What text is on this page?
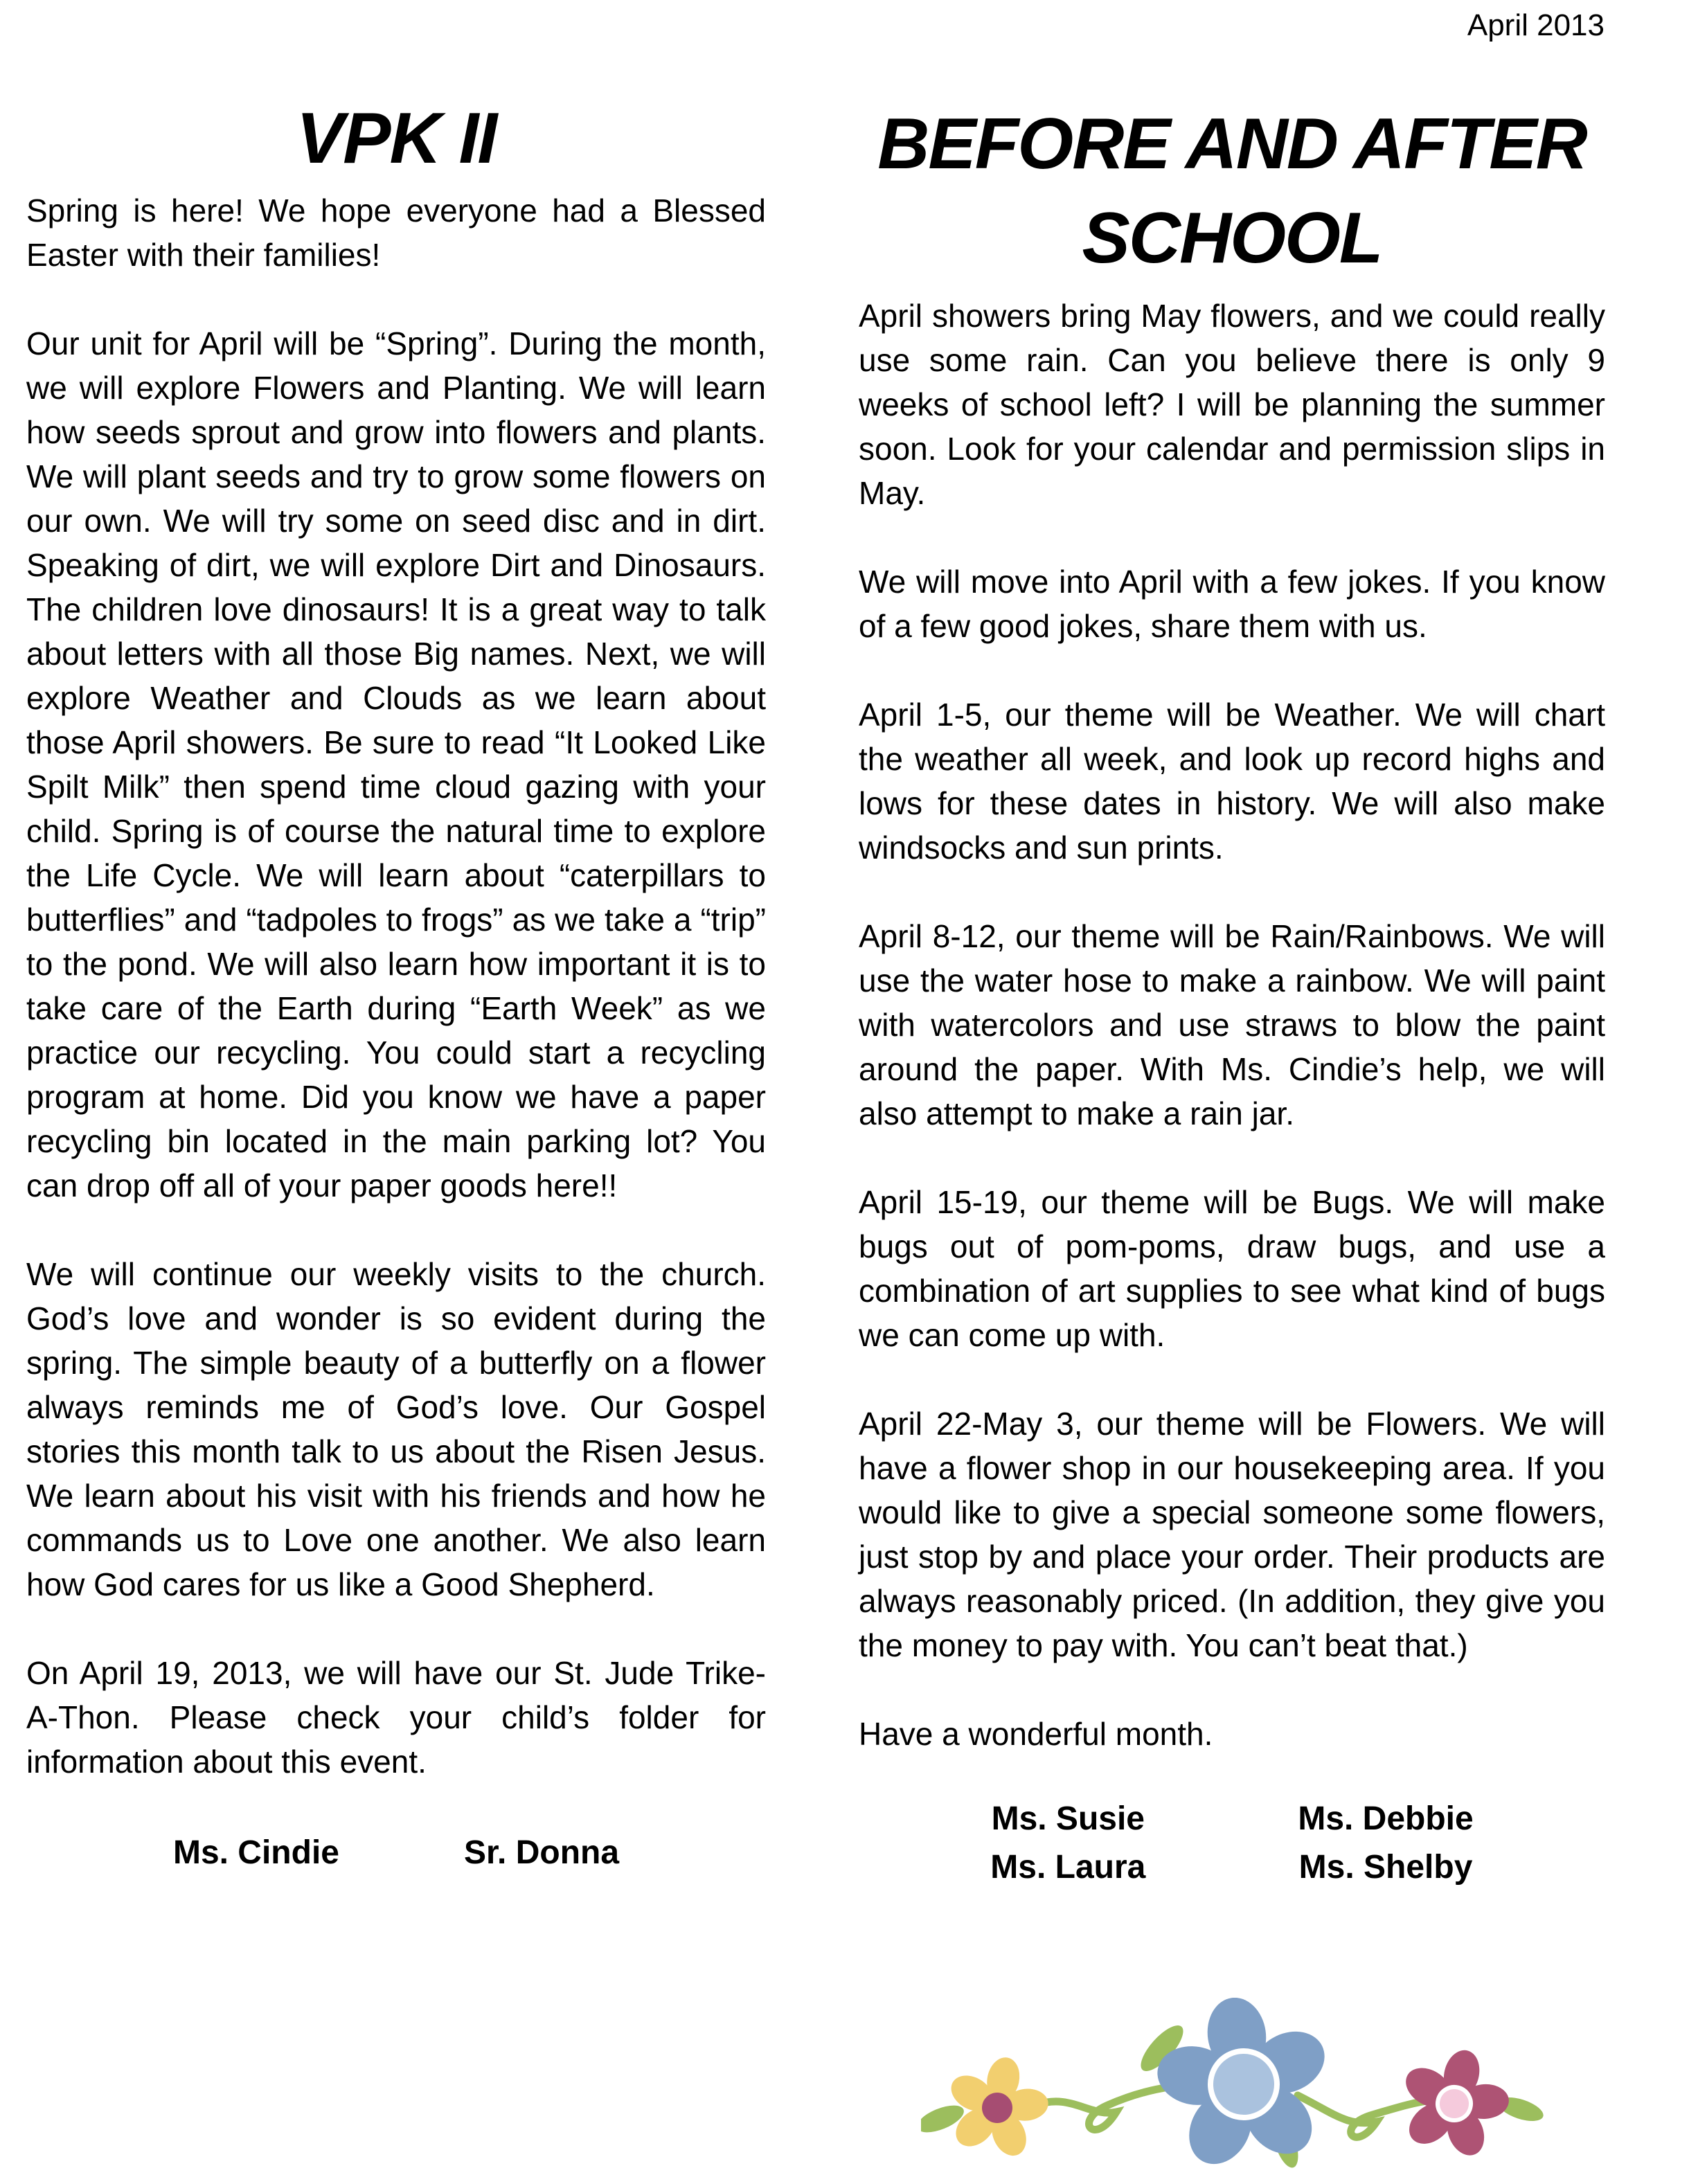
April 2013
VPK II

Spring is here! We hope everyone had a Blessed Easter with their families!

Our unit for April will be “Spring”. During the month, we will explore Flowers and Planting. We will learn how seeds sprout and grow into flowers and plants. We will plant seeds and try to grow some flowers on our own. We will try some on seed disc and in dirt. Speaking of dirt, we will explore Dirt and Dinosaurs. The children love dinosaurs! It is a great way to talk about letters with all those Big names. Next, we will explore Weather and Clouds as we learn about those April showers. Be sure to read “It Looked Like Spilt Milk” then spend time cloud gazing with your child. Spring is of course the natural time to explore the Life Cycle. We will learn about “caterpillars to butterflies” and “tadpoles to frogs” as we take a “trip” to the pond. We will also learn how important it is to take care of the Earth during “Earth Week” as we practice our recycling. You could start a recycling program at home. Did you know we have a paper recycling bin located in the main parking lot? You can drop off all of your paper goods here!!

We will continue our weekly visits to the church. God’s love and wonder is so evident during the spring. The simple beauty of a butterfly on a flower always reminds me of God’s love. Our Gospel stories this month talk to us about the Risen Jesus. We learn about his visit with his friends and how he commands us to Love one another. We also learn how God cares for us like a Good Shepherd.

On April 19, 2013, we will have our St. Jude Trike- A-Thon. Please check your child’s folder for information about this event.

Ms. Cindie	Sr. Donna
BEFORE AND AFTER
SCHOOL

April showers bring May flowers, and we could really use some rain. Can you believe there is only 9 weeks of school left? I will be planning the summer soon. Look for your calendar and permission slips in May.

We will move into April with a few jokes. If you know of a few good jokes, share them with us.

April 1-5, our theme will be Weather. We will chart the weather all week, and look up record highs and lows for these dates in history. We will also make windsocks and sun prints.

April 8-12, our theme will be Rain/Rainbows. We will use the water hose to make a rainbow. We will paint with watercolors and use straws to blow the paint around the paper. With Ms. Cindie’s help, we will also attempt to make a rain jar.

April 15-19, our theme will be Bugs. We will make bugs out of pom-poms, draw bugs, and use a combination of art supplies to see what kind of bugs we can come up with.

April 22-May 3, our theme will be Flowers. We will have a flower shop in our housekeeping area. If you would like to give a special someone some flowers, just stop by and place your order. Their products are always reasonably priced. (In addition, they give you the money to pay with. You can’t beat that.)

Have a wonderful month.

Ms. Susie	Ms. Debbie
Ms. Laura	Ms. Shelby
